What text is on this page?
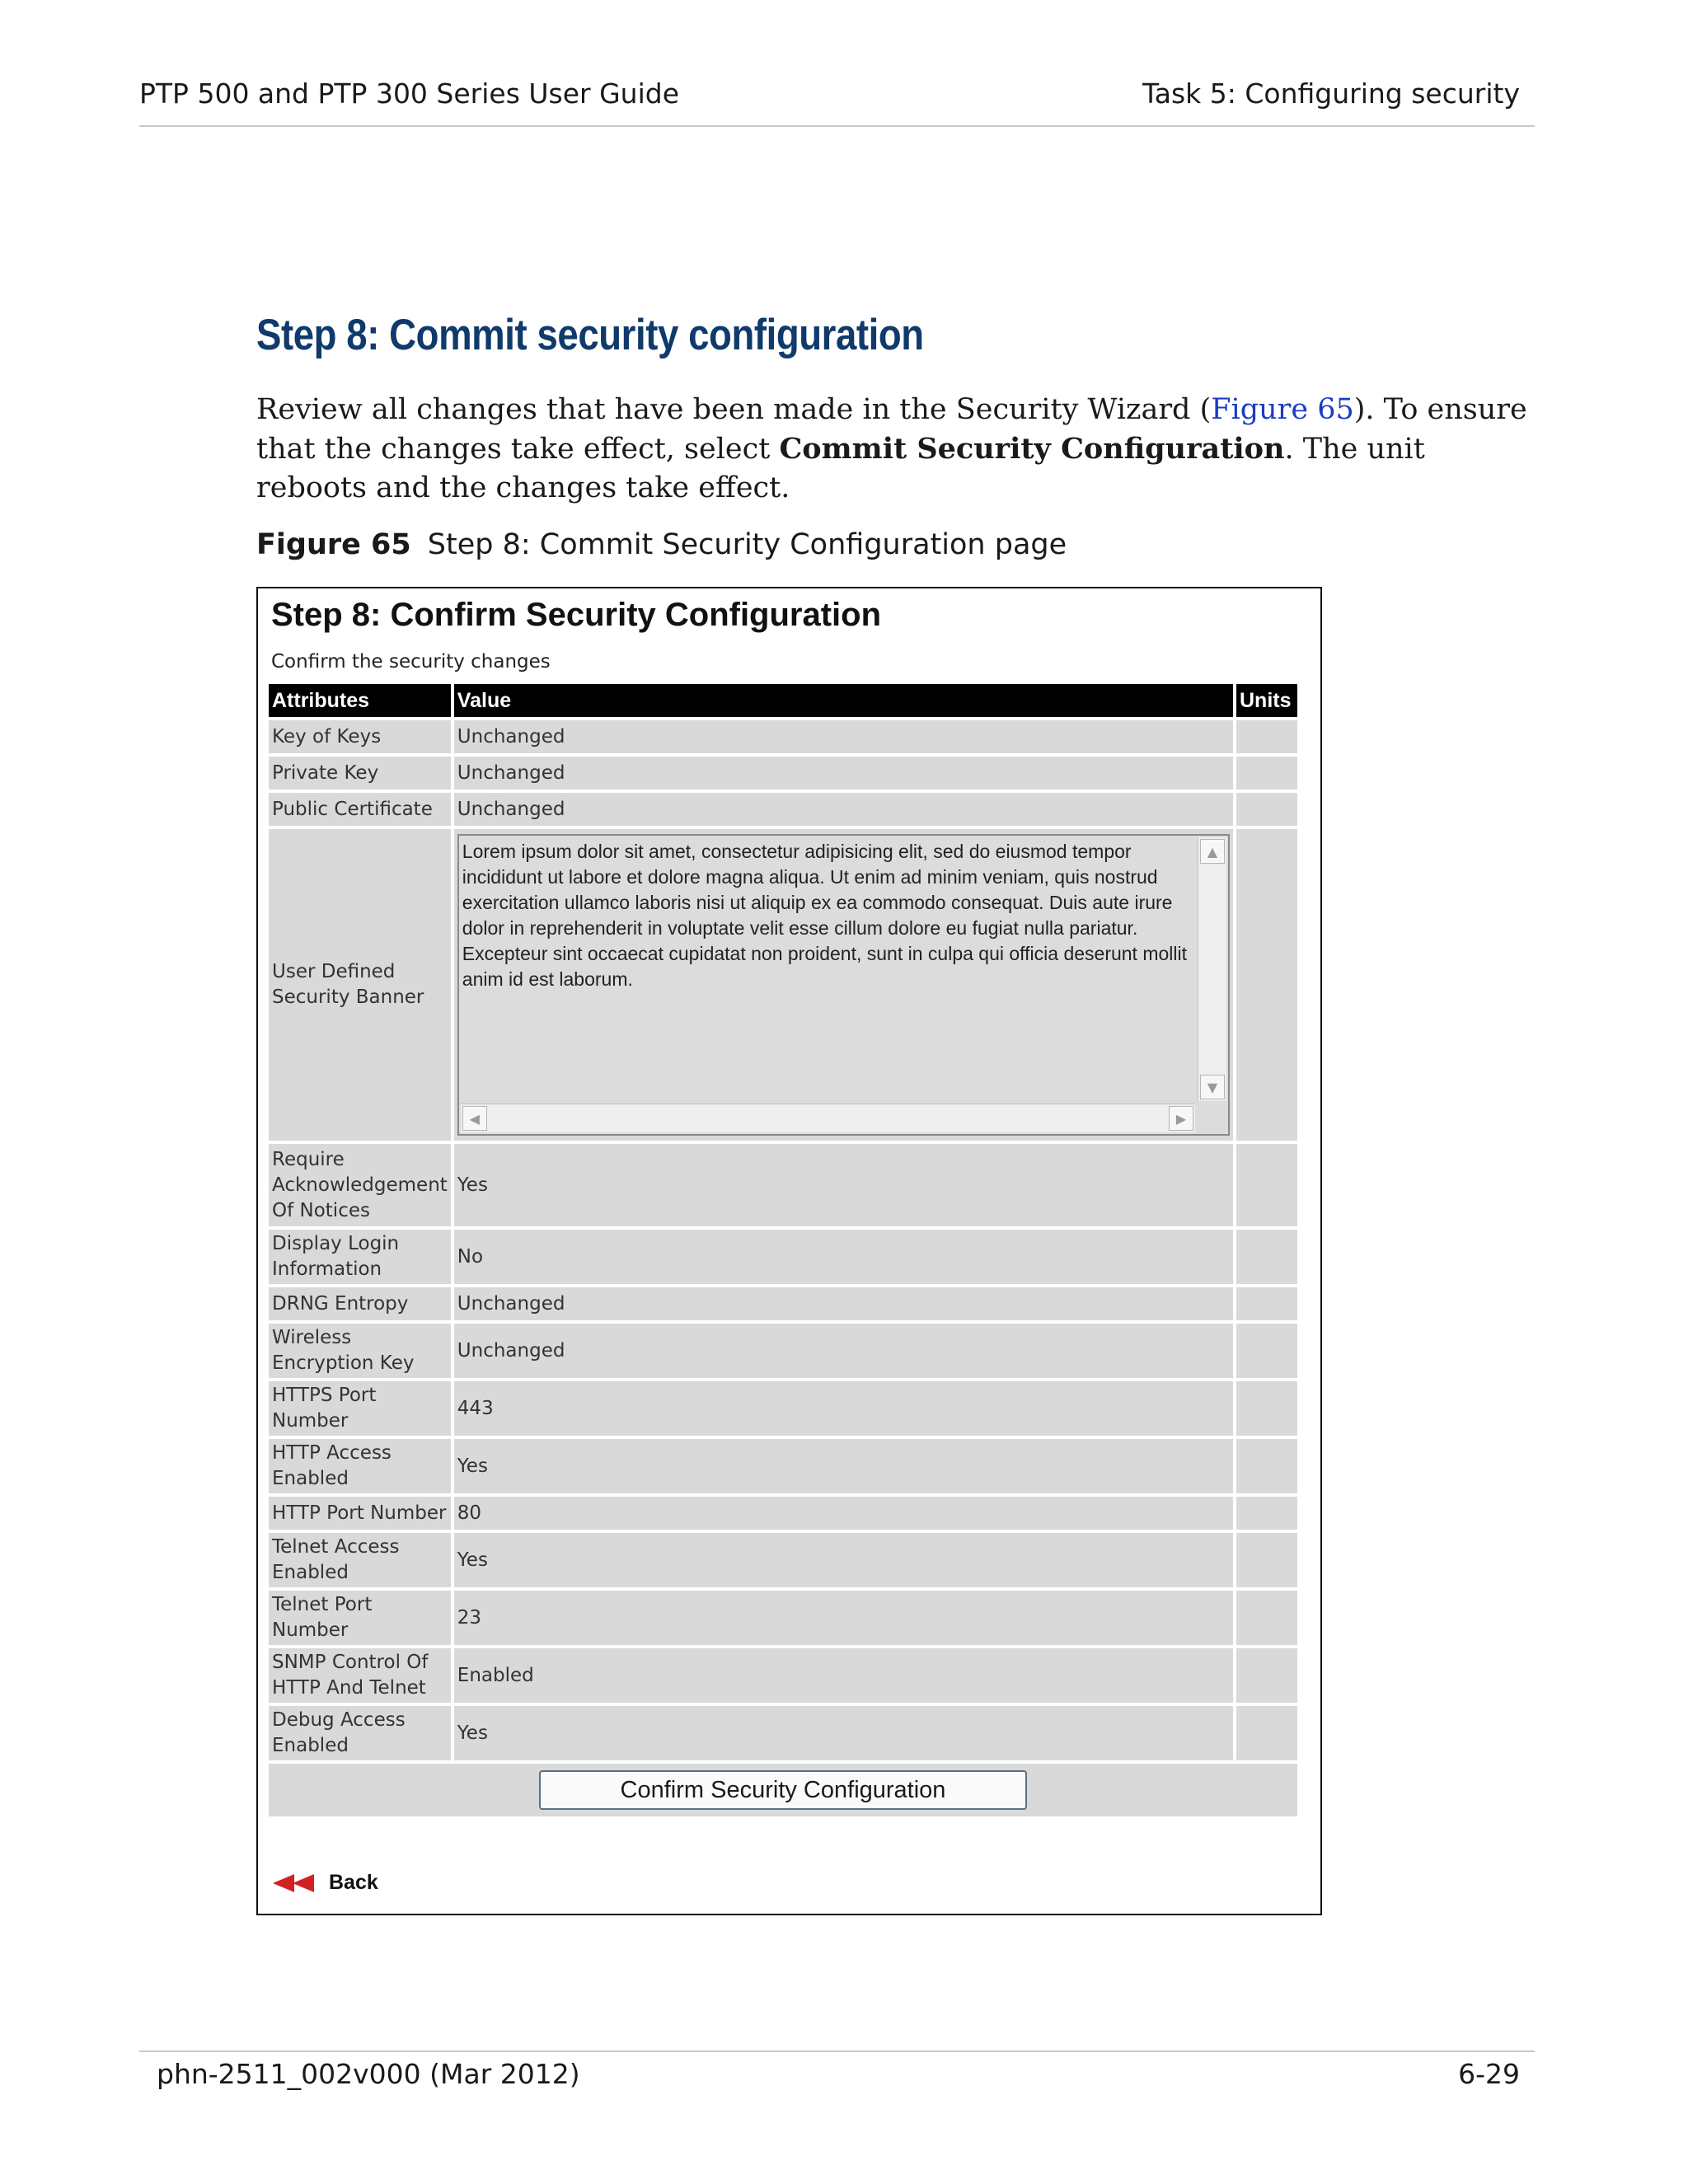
PTP 500 and PTP 300 Series User Guide	Task 5: Configuring security
Step 8: Commit security configuration

Review all changes that have been made in the Security Wizard (Figure 65). To ensure that the changes take effect, select Commit Security Configuration. The unit reboots and the changes take effect.

Figure 65 Step 8: Commit Security Configuration page
Step 8: Confirm Security Configuration
Confirm the security changes
Attributes	Value	Units
Key of Keys	Unchanged	
Private Key	Unchanged	
Public Certificate	Unchanged	
User Defined Security Banner	Lorem ipsum dolor sit amet, consectetur adipisicing elit, sed do eiusmod tempor incididunt ut labore et dolore magna aliqua. Ut enim ad minim veniam, quis nostrud exercitation ullamco laboris nisi ut aliquip ex ea commodo consequat. Duis aute irure dolor in reprehenderit in voluptate velit esse cillum dolore eu fugiat nulla pariatur. Excepteur sint occaecat cupidatat non proident, sunt in culpa qui officia deserunt mollit anim id est laborum.
▲
▼
◀ ▶	

Require Acknowledgement Of Notices	Yes	
Display Login Information	No	
DRNG Entropy	Unchanged	
Wireless Encryption Key	Unchanged	
HTTPS Port Number	443	
HTTP Access Enabled	Yes	
HTTP Port Number	80	
Telnet Access Enabled	Yes	
Telnet Port Number	23	
SNMP Control Of HTTP And Telnet	Enabled	
Debug Access Enabled	Yes	
Confirm Security Configuration		
Back
phn-2511_002v000 (Mar 2012)	6-29
